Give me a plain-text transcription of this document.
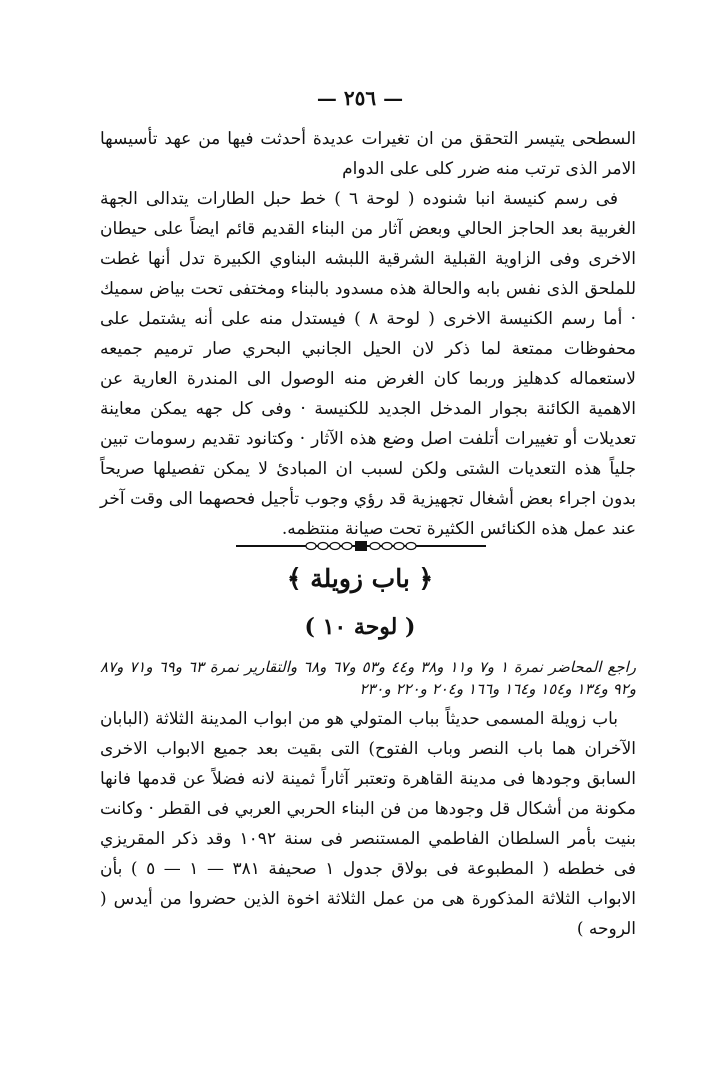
— ٢٥٦ —

السطحى يتيسر التحقق من ان تغيرات عديدة أحدثت فيها من عهد تأسيسها الامر الذى ترتب منه ضرر كلى على الدوام

فى رسم كنيسة انبا شنوده ( لوحة ٦ ) خط حبل الطارات يتدالى الجهة الغربية بعد الحاجز الحالي وبعض آثار من البناء القديم قائم ايضاً على حيطان الاخرى وفى الزاوية القبلية الشرقية اللبشه البناوي الكبيرة تدل أنها غطت للملحق الذى نفس بابه والحالة هذه مسدود بالبناء ومختفى تحت بياض سميك · أما رسم الكنيسة الاخرى ( لوحة ٨ ) فيستدل منه على أنه يشتمل على محفوظات ممتعة لما ذكر لان الحيل الجانبي البحري صار ترميم جميعه لاستعماله كدهليز وربما كان الغرض منه الوصول الى المندرة العارية عن الاهمية الكائنة بجوار المدخل الجديد للكنيسة · وفى كل جهه يمكن معاينة تعديلات أو تغييرات أتلفت اصل وضع هذه الآثار · وكتانود تقديم رسومات تبين جلياً هذه التعديات الشتى ولكن لسبب ان المبادئ لا يمكن تفصيلها صريحاً بدون اجراء بعض أشغال تجهيزية قد رؤي وجوب تأجيل فحصهما الى وقت آخر عند عمل هذه الكنائس الكثيرة تحت صيانة منتظمه.

﴿ باب زويلة ﴾
( لوحة ١٠ )

راجع المحاضر نمرة ١ و٧ و١١ و٣٨ و٤٤ و٥٣ و٦٧ و٦٨ والتقارير نمرة ٦٣ و٦٩ و٧١ و٨٧ و٩٢ و١٣٤ و١٥٤ و١٦٤ و١٦٦ و٢٠٤ و٢٢٠ و٢٣٠

باب زويلة المسمى حديثاً بباب المتولي هو من ابواب المدينة الثلاثة (البابان الآخران هما باب النصر وباب الفتوح) التى بقيت بعد جميع الابواب الاخرى السابق وجودها فى مدينة القاهرة وتعتبر آثاراً ثمينة لانه فضلاً عن قدمها فانها مكونة من أشكال قل وجودها من فن البناء الحربي العربي فى القطر · وكانت بنيت بأمر السلطان الفاطمي المستنصر فى سنة ١٠٩٢ وقد ذكر المقريزي فى خططه ( المطبوعة فى بولاق جدول ١ صحيفة ٣٨١ — ١ — ٥ ) بأن الابواب الثلاثة المذكورة هى من عمل الثلاثة اخوة الذين حضروا من أيدس ( الروحه )
